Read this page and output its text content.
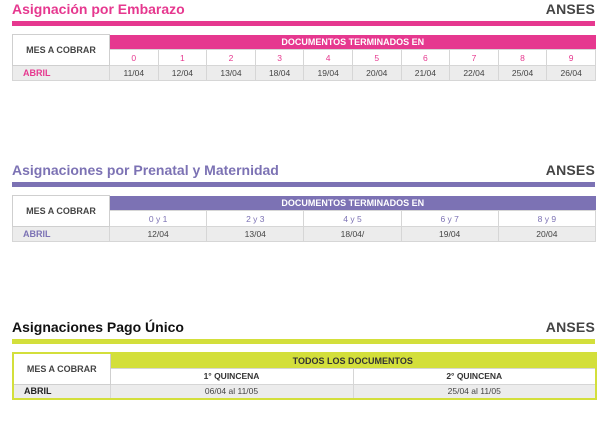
Asignación por Embarazo	ANSES
MES A COBRAR	DOCUMENTOS TERMINADOS EN									
	0	1	2	3	4	5	6	7	8	9
ABRIL	11/04	12/04	13/04	18/04	19/04	20/04	21/04	22/04	25/04	26/04
Asignaciones por Prenatal y Maternidad	ANSES
MES A COBRAR	DOCUMENTOS TERMINADOS EN				
	0 y 1	2 y 3	4 y 5	6 y 7	8 y 9
ABRIL	12/04	13/04	18/04/	19/04	20/04
Asignaciones Pago Único	ANSES
MES A COBRAR	TODOS LOS DOCUMENTOS	
	1° QUINCENA	2° QUINCENA
ABRIL	06/04 al 11/05	25/04 al 11/05
